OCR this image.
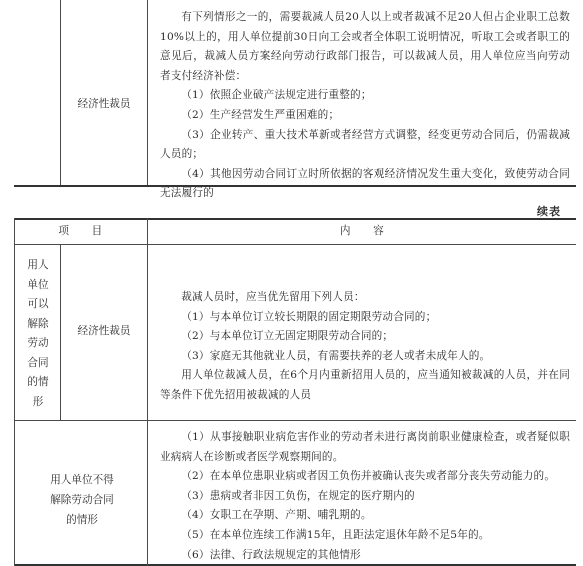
经济性裁员

有下列情形之一的，需要裁减人员20人以上或者裁减不足20人但占企业职工总数10%以上的，用人单位提前30日向工会或者全体职工说明情况，听取工会或者职工的意见后，裁减人员方案经向劳动行政部门报告，可以裁减人员，用人单位应当向劳动者支付经济补偿：

（1）依照企业破产法规定进行重整的；

（2）生产经营发生严重困难的；

（3）企业转产、重大技术革新或者经营方式调整，经变更劳动合同后，仍需裁减人员的；

（4）其他因劳动合同订立时所依据的客观经济情况发生重大变化，致使劳动合同无法履行的

续表
项　　目	内　　容
用人单位可以解除劳动合同的情形
经济性裁员

裁减人员时，应当优先留用下列人员：

（1）与本单位订立较长期限的固定期限劳动合同的；

（2）与本单位订立无固定期限劳动合同的；

（3）家庭无其他就业人员，有需要扶养的老人或者未成年人的。

用人单位裁减人员，在6个月内重新招用人员的，应当通知被裁减的人员，并在同等条件下优先招用被裁减的人员

用人单位不得解除劳动合同的情形

（1）从事接触职业病危害作业的劳动者未进行离岗前职业健康检查，或者疑似职业病病人在诊断或者医学观察期间的。

（2）在本单位患职业病或者因工负伤并被确认丧失或者部分丧失劳动能力的。

（3）患病或者非因工负伤，在规定的医疗期内的

（4）女职工在孕期、产期、哺乳期的。

（5）在本单位连续工作满15年，且距法定退休年龄不足5年的。

（6）法律、行政法规规定的其他情形
